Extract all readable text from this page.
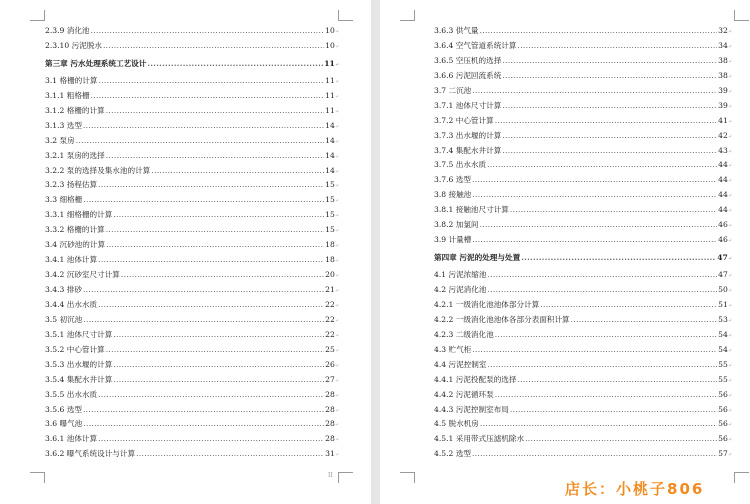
II
2.3.9 消化池 .....	10 ↵
2.3.10 污泥脱水 .....	10 ↵
第三章 污水处理系统工艺设计 .....	11 ↵
3.1 格栅的计算 .....	11 ↵
3.1.1 粗格栅 .....	11 ↵
3.1.2 格栅的计算 .....	11 ↵
3.1.3 选型 .....	14 ↵
3.2 泵房 .....	14 ↵
3.2.1 泵房的选择 .....	14 ↵
3.2.2 泵的选择及集水池的计算 .....	14 ↵
3.2.3 扬程估算 .....	15 ↵
3.3 细格栅 .....	15 ↵
3.3.1 细格栅的计算 .....	15 ↵
3.3.2 格栅的计算 .....	15 ↵
3.4 沉砂池的计算 .....	18 ↵
3.4.1 池体计算 .....	18 ↵
3.4.2 沉砂室尺寸计算 .....	20 ↵
3.4.3 排砂 .....	21 ↵
3.4.4 出水水质 .....	22 ↵
3.5 初沉池 .....	22 ↵
3.5.1 池体尺寸计算 .....	22 ↵
3.5.2 中心管计算 .....	25 ↵
3.5.3 出水堰的计算 .....	26 ↵
3.5.4 集配水井计算 .....	27 ↵
3.5.5 出水水质 .....	28 ↵
3.5.6 选型 .....	28 ↵
3.6 曝气池 .....	28 ↵
3.6.1 池体计算 .....	28 ↵
3.6.2 曝气系统设计与计算 .....	31 ↵
3.6.3 供气量 .....	32 ↵
3.6.4 空气管道系统计算 .....	34 ↵
3.6.5 空压机的选择 .....	38 ↵
3.6.6 污泥回流系统 .....	38 ↵
3.7 二沉池 .....	39 ↵
3.7.1 池体尺寸计算 .....	39 ↵
3.7.2 中心管计算 .....	41 ↵
3.7.3 出水堰的计算 .....	42 ↵
3.7.4 集配水井计算 .....	43 ↵
3.7.5 出水水质 .....	44 ↵
3.7.6 选型 .....	44 ↵
3.8 接触池 .....	44 ↵
3.8.1 接触池尺寸计算 .....	44 ↵
3.8.2 加氯间 .....	46 ↵
3.9 计量槽 .....	46 ↵
第四章 污泥的处理与处置 .....	47 ↵
4.1 污泥浓缩池 .....	47 ↵
4.2 污泥消化池 .....	50 ↵
4.2.1 一级消化池池体部分计算 .....	51 ↵
4.2.2 一级消化池池体各部分表面积计算 .....	53 ↵
4.2.3 二级消化池 .....	54 ↵
4.3 贮气柜 .....	54 ↵
4.4 污泥控制室 .....	55 ↵
4.4.1 污泥投配泵的选择 .....	55 ↵
4.4.2 污泥循环泵 .....	56 ↵
4.4.3 污泥控制室布局 .....	56 ↵
4.5 脱水机房 .....	56 ↵
4.5.1 采用带式压滤机除水 .....	56 ↵
4.5.2 选型 .....	57 ↵
店长：小桃子806
